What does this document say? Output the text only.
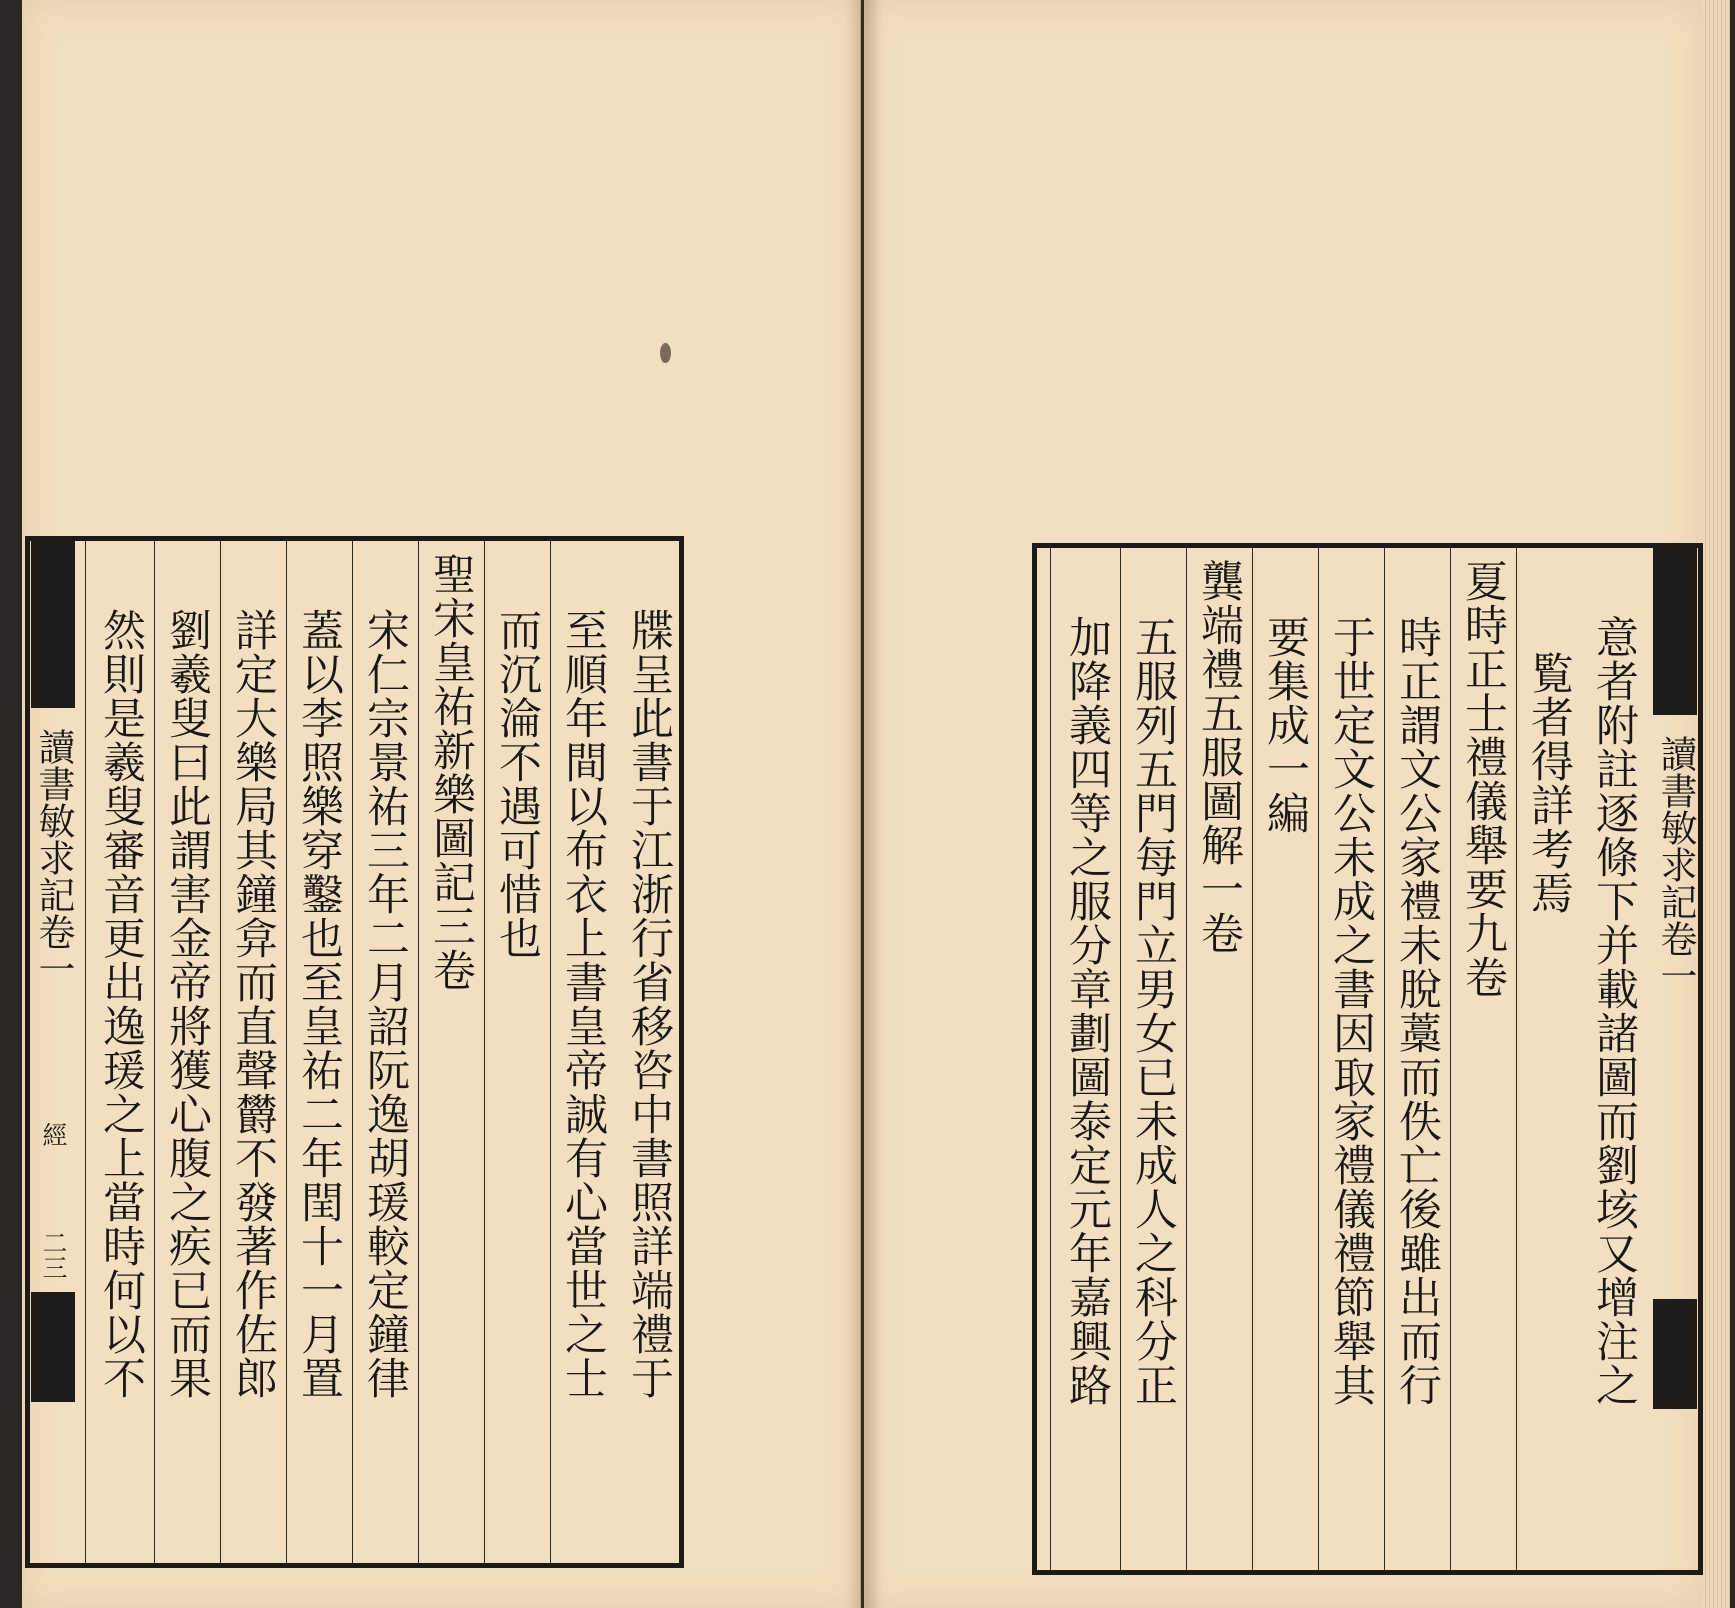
讀書敏求記卷一
意者附註逐條下并載諸圖而劉垓又增注之
覧者得詳考焉
夏時正士禮儀舉要九卷
時正謂文公家禮未脫藁而佚亡後雖出而行
于世定文公未成之書因取家禮儀禮節舉其
要集成一編
龔端禮五服圖解一卷
五服列五門每門立男女已未成人之科分正
加降義四等之服分章劃圖泰定元年嘉興路
讀書敏求記卷一
經
二三	牒呈此書于江浙行省移咨中書照詳端禮于
至順年間以布衣上書皇帝誠有心當世之士
而沉淪不遇可惜也
聖宋皇祐新樂圖記三卷
宋仁宗景祐三年二月詔阮逸胡瑗較定鐘律
蓋以李照樂穿鑿也至皇祐二年閏十一月置
詳定大樂局其鐘弇而直聲欝不發著作佐郎
劉羲叟曰此謂害金帝將獲心腹之疾已而果
然則是羲叟審音更出逸瑗之上當時何以不
